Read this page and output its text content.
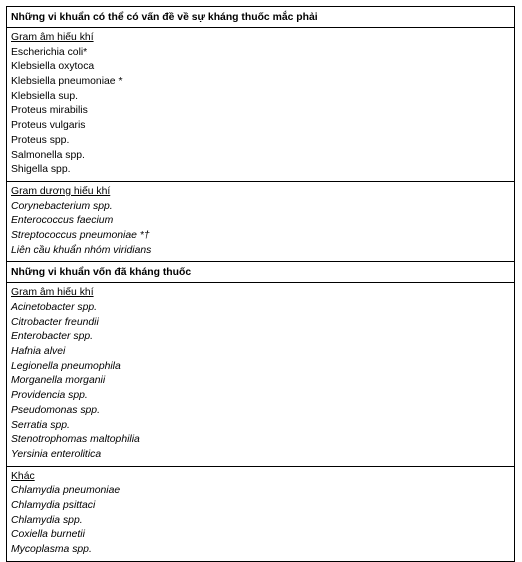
Những vi khuẩn có thể có vấn đề về sự kháng thuốc mắc phải
Gram âm hiếu khí
Escherichia coli*
Klebsiella oxytoca
Klebsiella pneumoniae *
Klebsiella sup.
Proteus mirabilis
Proteus vulgaris
Proteus spp.
Salmonella spp.
Shigella spp.
Gram dương hiếu khí
Corynebacterium spp.
Enterococcus faecium
Streptococcus pneumoniae *†
Liên cầu khuẩn nhóm viridians
Những vi khuẩn vốn đã kháng thuốc
Gram âm hiếu khí
Acinetobacter spp.
Citrobacter freundii
Enterobacter spp.
Hafnia alvei
Legionella pneumophila
Morganella morganii
Providencia spp.
Pseudomonas spp.
Serratia spp.
Stenotrophomas maltophilia
Yersinia enterolitica
Khác
Chlamydia pneumoniae
Chlamydia psittaci
Chlamydia spp.
Coxiella burnetii
Mycoplasma spp.
